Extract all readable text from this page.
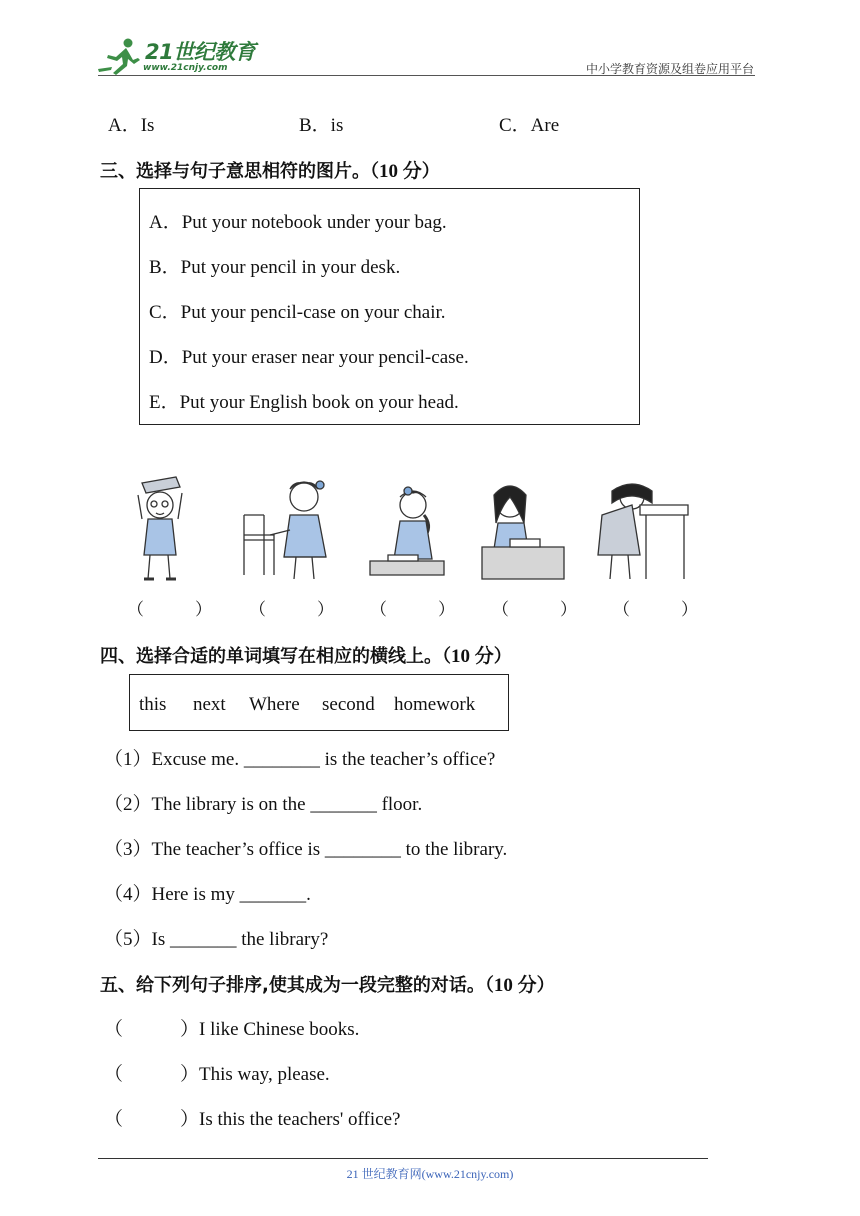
21世纪教育
www.21cnjy.com	中小学教育资源及组卷应用平台
A．Is	B．is	C．Are
三、选择与句子意思相符的图片。（10 分）
A．Put your notebook under your bag.
B．Put your pencil in your desk.
C．Put your pencil-case on your chair.
D．Put your eraser near your pencil-case.
E．Put your English book on your head.
（　　　） （　　　） （　　　） （　　　） （　　　）
四、选择合适的单词填写在相应的横线上。（10 分）
this next Where second homework
（1）Excuse me. ________ is the teacher’s office?
（2）The library is on the _______ floor.
（3）The teacher’s office is ________ to the library.
（4）Here is my _______.
（5）Is _______ the library?
五、给下列句子排序,使其成为一段完整的对话。（10 分）
（　　　）I like Chinese books.
（　　　）This way, please.
（　　　）Is this the teachers' office?
21 世纪教育网(www.21cnjy.com)
